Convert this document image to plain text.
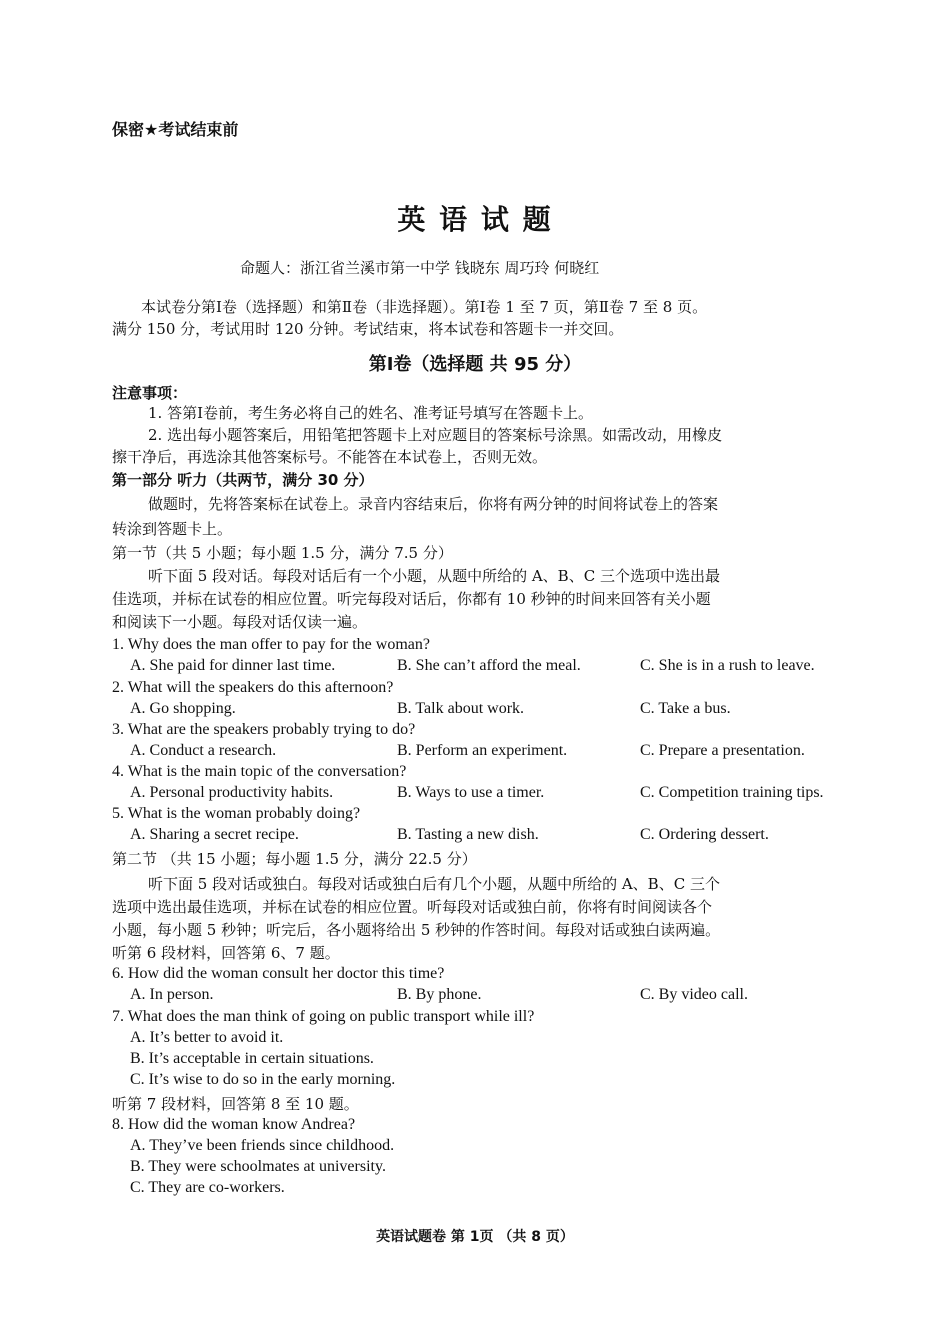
保密★考试结束前
英 语 试 题
命题人：浙江省兰溪市第一中学 钱晓东 周巧玲 何晓红
本试卷分第Ⅰ卷（选择题）和第Ⅱ卷（非选择题）。第Ⅰ卷 1 至 7 页，第Ⅱ卷 7 至 8 页。
满分 150 分，考试用时 120 分钟。考试结束，将本试卷和答题卡一并交回。
第Ⅰ卷（选择题 共 95 分）
注意事项：
1. 答第Ⅰ卷前，考生务必将自己的姓名、准考证号填写在答题卡上。
2. 选出每小题答案后，用铅笔把答题卡上对应题目的答案标号涂黑。如需改动，用橡皮
擦干净后，再选涂其他答案标号。不能答在本试卷上，否则无效。
第一部分 听力（共两节，满分 30 分）
做题时，先将答案标在试卷上。录音内容结束后，你将有两分钟的时间将试卷上的答案
转涂到答题卡上。
第一节（共 5 小题；每小题 1.5 分，满分 7.5 分）
听下面 5 段对话。每段对话后有一个小题，从题中所给的 A、B、C 三个选项中选出最
佳选项，并标在试卷的相应位置。听完每段对话后，你都有 10 秒钟的时间来回答有关小题
和阅读下一小题。每段对话仅读一遍。
1. Why does the man offer to pay for the woman?
A. She paid for dinner last time.	B. She can’t afford the meal.	C. She is in a rush to leave.
2. What will the speakers do this afternoon?
A. Go shopping.	B. Talk about work.	C. Take a bus.
3. What are the speakers probably trying to do?
A. Conduct a research.	B. Perform an experiment.	C. Prepare a presentation.
4. What is the main topic of the conversation?
A. Personal productivity habits.	B. Ways to use a timer.	C. Competition training tips.
5. What is the woman probably doing?
A. Sharing a secret recipe.	B. Tasting a new dish.	C. Ordering dessert.
第二节 （共 15 小题；每小题 1.5 分，满分 22.5 分）
听下面 5 段对话或独白。每段对话或独白后有几个小题，从题中所给的 A、B、C 三个
选项中选出最佳选项，并标在试卷的相应位置。听每段对话或独白前，你将有时间阅读各个
小题，每小题 5 秒钟；听完后，各小题将给出 5 秒钟的作答时间。每段对话或独白读两遍。
听第 6 段材料，回答第 6、7 题。
6. How did the woman consult her doctor this time?
A. In person.	B. By phone.	C. By video call.
7. What does the man think of going on public transport while ill?
A. It’s better to avoid it.
B. It’s acceptable in certain situations.
C. It’s wise to do so in the early morning.
听第 7 段材料，回答第 8 至 10 题。
8. How did the woman know Andrea?
A. They’ve been friends since childhood.
B. They were schoolmates at university.
C. They are co-workers.
英语试题卷 第 1页 （共 8 页）
